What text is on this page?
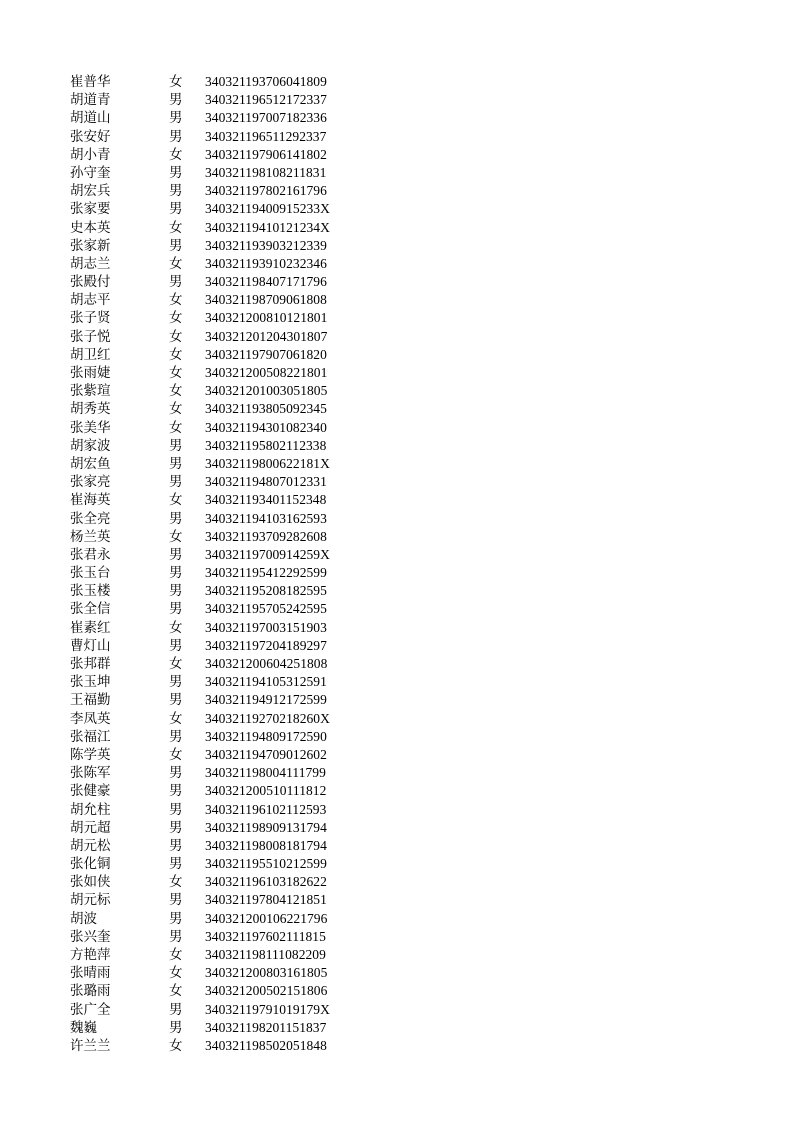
崔普华	女 340321193706041809
胡道青	男 340321196512172337
胡道山	男 340321197007182336
张安好	男 340321196511292337
胡小青	女 340321197906141802
孙守奎	男 340321198108211831
胡宏兵	男 340321197802161796
张家要	男 34032119400915233X
史本英	女 34032119410121234X
张家新	男 340321193903212339
胡志兰	女 340321193910232346
张殿付	男 340321198407171796
胡志平	女 340321198709061808
张子贤	女 340321200810121801
张子悦	女 340321201204301807
胡卫红	女 340321197907061820
张雨婕	女 340321200508221801
张紫瑄	女 340321201003051805
胡秀英	女 340321193805092345
张美华	女 340321194301082340
胡家波	男 340321195802112338
胡宏鱼	男 34032119800622181X
张家亮	男 340321194807012331
崔海英	女 340321193401152348
张全亮	男 340321194103162593
杨兰英	女 340321193709282608
张君永	男 34032119700914259X
张玉台	男 340321195412292599
张玉楼	男 340321195208182595
张全信	男 340321195705242595
崔素红	女 340321197003151903
曹灯山	男 340321197204189297
张邦群	女 340321200604251808
张玉坤	男 340321194105312591
王福勤	男 340321194912172599
李凤英	女 34032119270218260X
张福江	男 340321194809172590
陈学英	女 340321194709012602
张陈军	男 340321198004111799
张健豪	男 340321200510111812
胡允柱	男 340321196102112593
胡元超	男 340321198909131794
胡元松	男 340321198008181794
张化铜	男 340321195510212599
张如侠	女 340321196103182622
胡元标	男 340321197804121851
胡波	男 340321200106221796
张兴奎	男 340321197602111815
方艳萍	女 340321198111082209
张晴雨	女 340321200803161805
张璐雨	女 340321200502151806
张广全	男 34032119791019179X
魏巍	男 340321198201151837
许兰兰	女 340321198502051848
